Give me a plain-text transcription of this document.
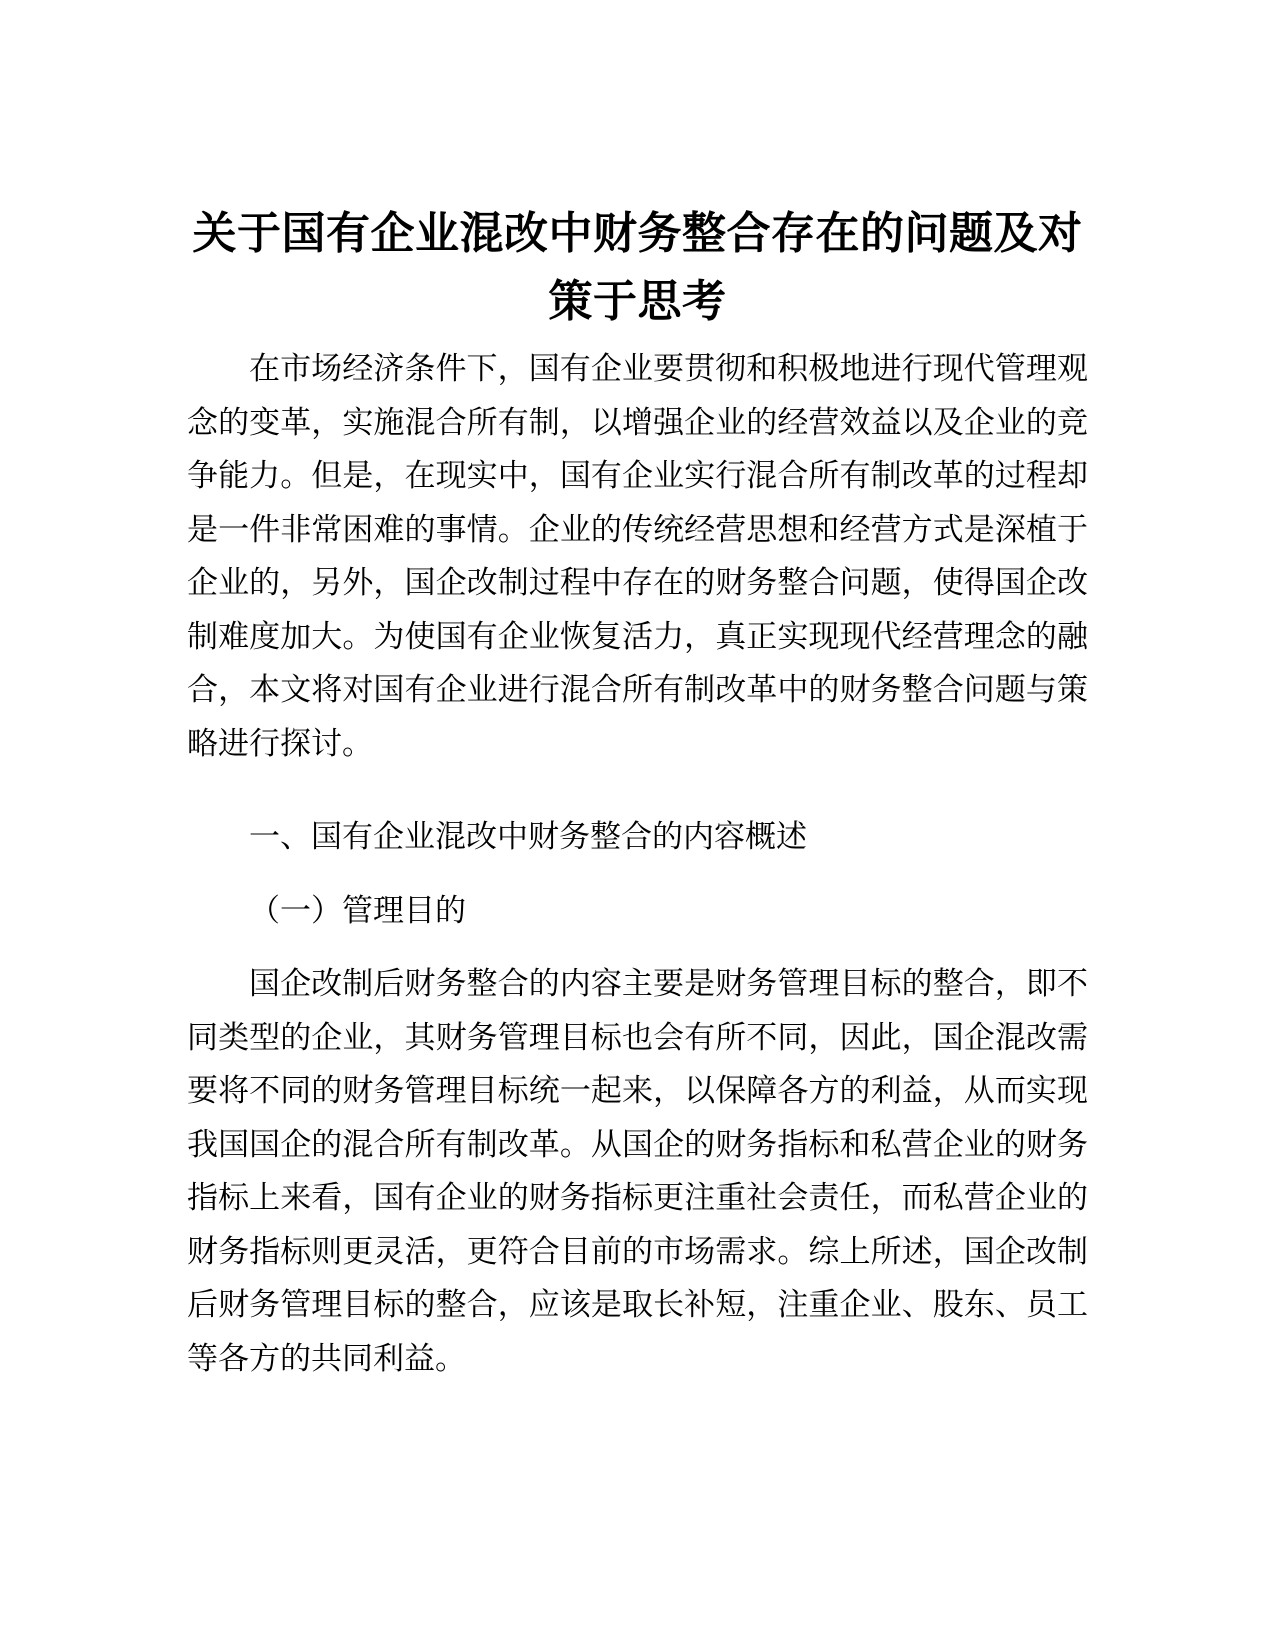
关于国有企业混改中财务整合存在的问题及对策于思考

在市场经济条件下，国有企业要贯彻和积极地进行现代管理观念的变革，实施混合所有制，以增强企业的经营效益以及企业的竞争能力。但是，在现实中，国有企业实行混合所有制改革的过程却是一件非常困难的事情。企业的传统经营思想和经营方式是深植于企业的，另外，国企改制过程中存在的财务整合问题，使得国企改制难度加大。为使国有企业恢复活力，真正实现现代经营理念的融合，本文将对国有企业进行混合所有制改革中的财务整合问题与策略进行探讨。

一、国有企业混改中财务整合的内容概述

（一）管理目的

国企改制后财务整合的内容主要是财务管理目标的整合，即不同类型的企业，其财务管理目标也会有所不同，因此，国企混改需要将不同的财务管理目标统一起来，以保障各方的利益，从而实现我国国企的混合所有制改革。从国企的财务指标和私营企业的财务指标上来看，国有企业的财务指标更注重社会责任，而私营企业的财务指标则更灵活，更符合目前的市场需求。综上所述，国企改制后财务管理目标的整合，应该是取长补短，注重企业、股东、员工等各方的共同利益。
